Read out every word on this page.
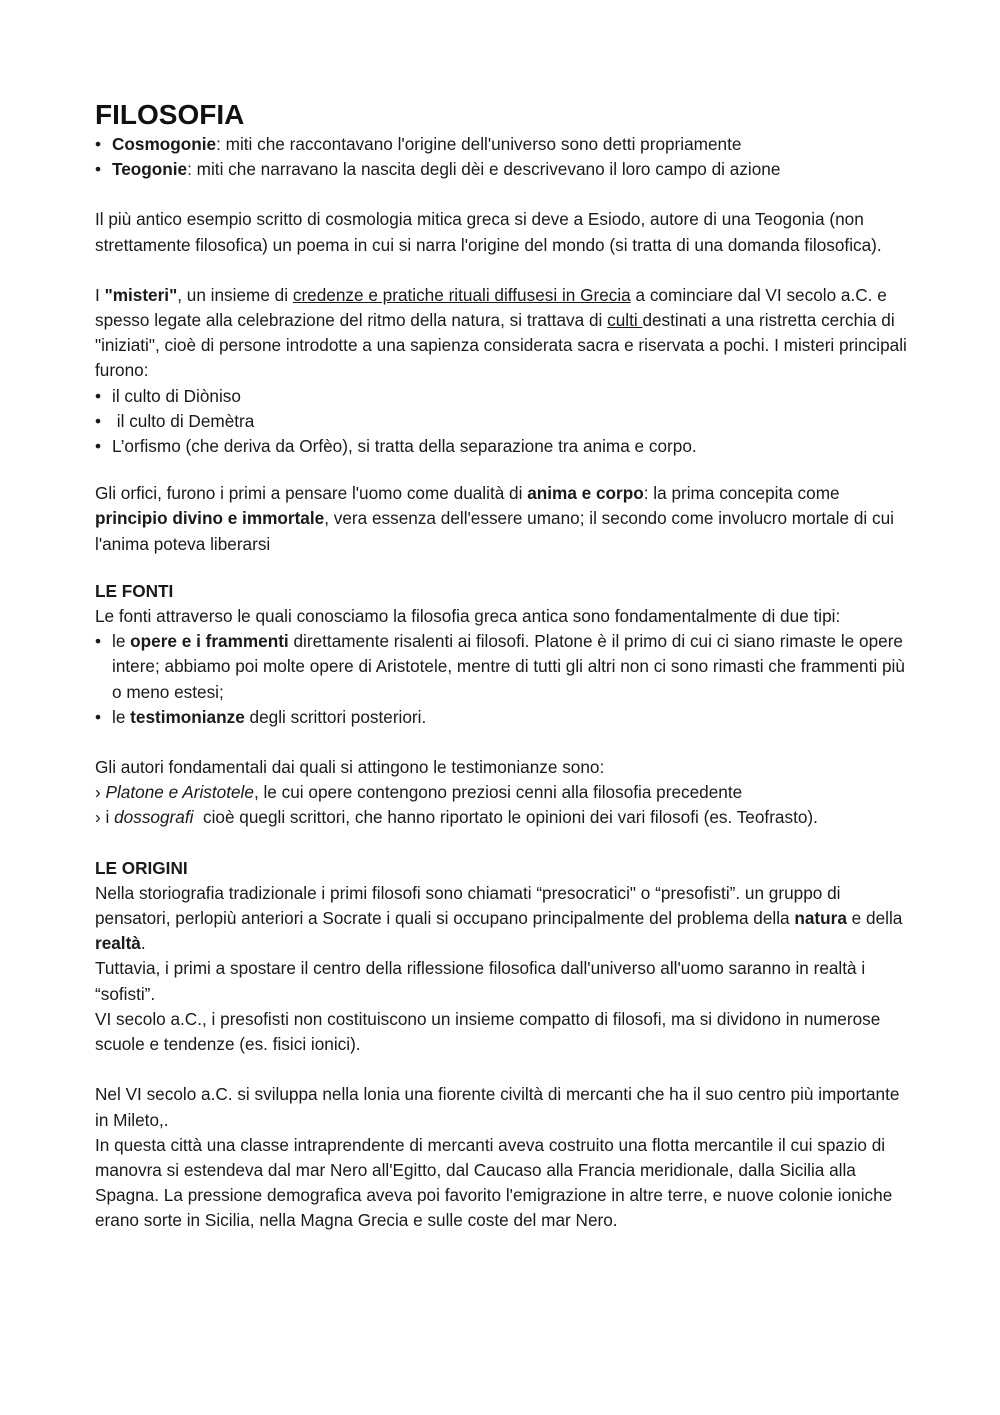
FILOSOFIA
• Cosmogonie: miti che raccontavano l'origine dell'universo sono detti propriamente
• Teogonie: miti che narravano la nascita degli dèi e descrivevano il loro campo di azione

Il più antico esempio scritto di cosmologia mitica greca si deve a Esiodo, autore di una Teogonia (non strettamente filosofica) un poema in cui si narra l'origine del mondo (si tratta di una domanda filosofica).

I "misteri", un insieme di credenze e pratiche rituali diffusesi in Grecia a cominciare dal VI secolo a.C. e spesso legate alla celebrazione del ritmo della natura, si trattava di culti destinati a una ristretta cerchia di "iniziati", cioè di persone introdotte a una sapienza considerata sacra e riservata a pochi. I misteri principali furono:

• il culto di Diòniso
• il culto di Demètra
• L’orfismo (che deriva da Orfèo), si tratta della separazione tra anima e corpo.

Gli orfici, furono i primi a pensare l'uomo come dualità di anima e corpo: la prima concepita come principio divino e immortale, vera essenza dell'essere umano; il secondo come involucro mortale di cui l'anima poteva liberarsi

LE FONTI

Le fonti attraverso le quali conosciamo la filosofia greca antica sono fondamentalmente di due tipi:

• le opere e i frammenti direttamente risalenti ai filosofi. Platone è il primo di cui ci siano rimaste le opere intere; abbiamo poi molte opere di Aristotele, mentre di tutti gli altri non ci sono rimasti che frammenti più o meno estesi;
• le testimonianze degli scrittori posteriori.

Gli autori fondamentali dai quali si attingono le testimonianze sono:

› Platone e Aristotele, le cui opere contengono preziosi cenni alla filosofia precedente

› i dossografi  cioè quegli scrittori, che hanno riportato le opinioni dei vari filosofi (es. Teofrasto).

LE ORIGINI

Nella storiografia tradizionale i primi filosofi sono chiamati “presocratici" o “presofisti”. un gruppo di pensatori, perlopiù anteriori a Socrate i quali si occupano principalmente del problema della natura e della realtà.

Tuttavia, i primi a spostare il centro della riflessione filosofica dall'universo all'uomo saranno in realtà i “sofisti”.

VI secolo a.C., i presofisti non costituiscono un insieme compatto di filosofi, ma si dividono in numerose scuole e tendenze (es. fisici ionici).

Nel VI secolo a.C. si sviluppa nella lonia una fiorente civiltà di mercanti che ha il suo centro più importante in Mileto,.

In questa città una classe intraprendente di mercanti aveva costruito una flotta mercantile il cui spazio di manovra si estendeva dal mar Nero all'Egitto, dal Caucaso alla Francia meridionale, dalla Sicilia alla Spagna. La pressione demografica aveva poi favorito l'emigrazione in altre terre, e nuove colonie ioniche erano sorte in Sicilia, nella Magna Grecia e sulle coste del mar Nero.
